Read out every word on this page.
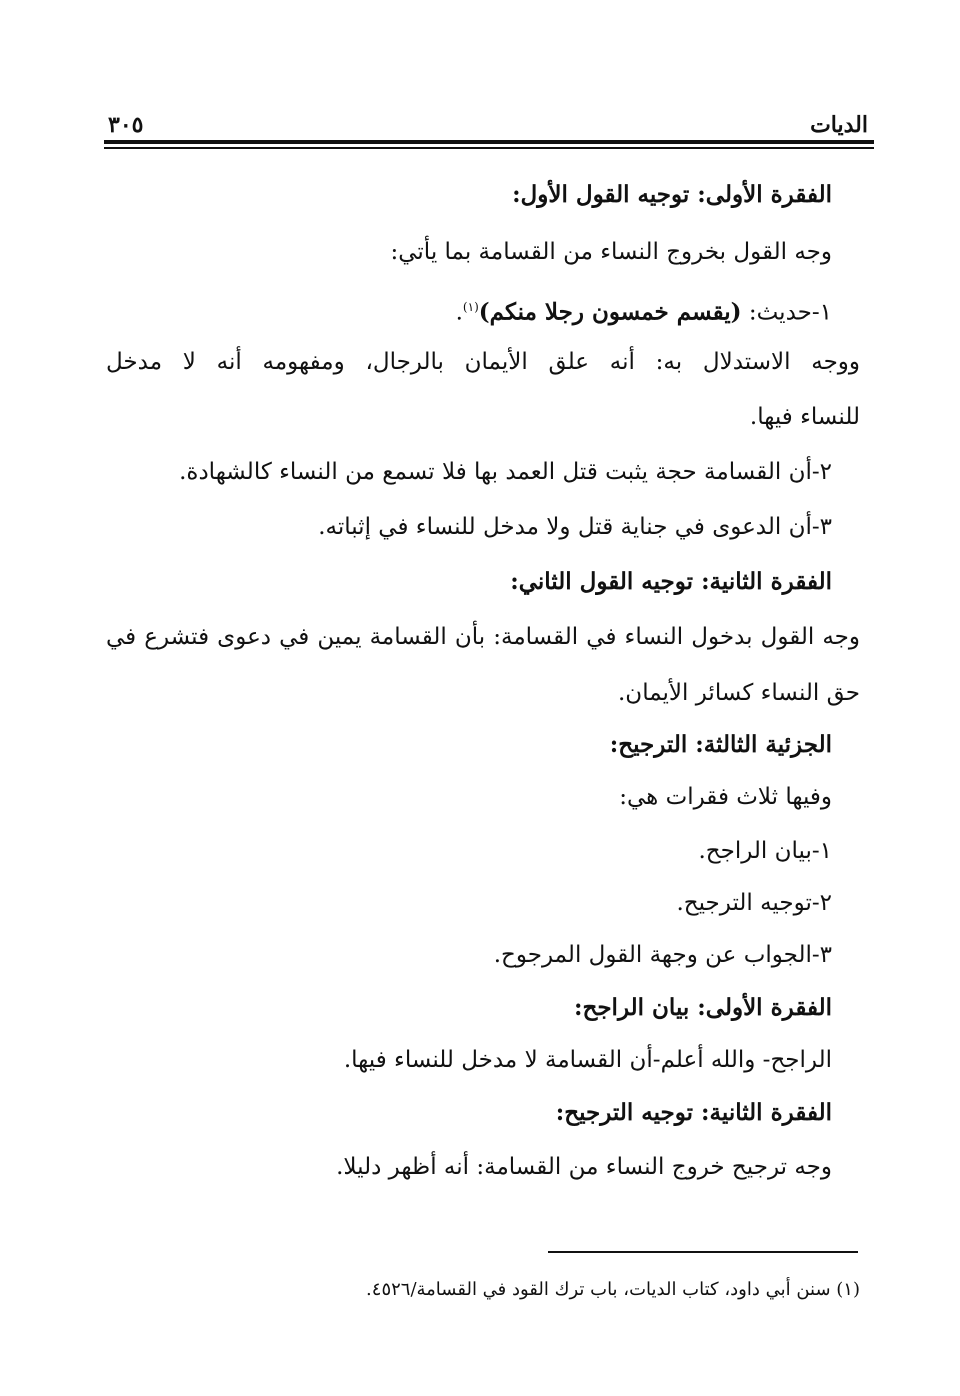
الديات
٣٠٥
الفقرة الأولى: توجيه القول الأول:
وجه القول بخروج النساء من القسامة بما يأتي:
١-حديث: (يقسم خمسون رجلا منكم)$^{(١)}$.
ووجه الاستدلال به: أنه علق الأيمان بالرجال، ومفهومه أنه لا مدخل
للنساء فيها.
٢-أن القسامة حجة يثبت قتل العمد بها فلا تسمع من النساء كالشهادة.
٣-أن الدعوى في جناية قتل ولا مدخل للنساء في إثباته.
الفقرة الثانية: توجيه القول الثاني:
وجه القول بدخول النساء في القسامة: بأن القسامة يمين في دعوى فتشرع في
حق النساء كسائر الأيمان.
الجزئية الثالثة: الترجيح:
وفيها ثلاث فقرات هي:
١-بيان الراجح.
٢-توجيه الترجيح.
٣-الجواب عن وجهة القول المرجوح.
الفقرة الأولى: بيان الراجح:
الراجح- والله أعلم-أن القسامة لا مدخل للنساء فيها.
الفقرة الثانية: توجيه الترجيح:
وجه ترجيح خروج النساء من القسامة: أنه أظهر دليلا.
(١) سنن أبي داود، كتاب الديات، باب ترك القود في القسامة/٤٥٢٦.
